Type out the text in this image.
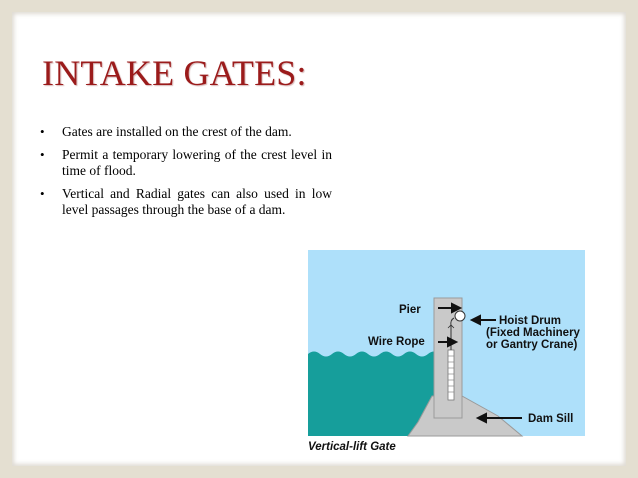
INTAKE GATES:
• Gates are installed on the crest of the dam.
• Permit a temporary lowering of the crest level in time of flood.
• Vertical and Radial gates can also used in low level passages through the base of a dam.
Pier
Wire Rope
Hoist Drum
(Fixed Machinery
or Gantry Crane)
Dam Sill
Vertical-lift Gate
